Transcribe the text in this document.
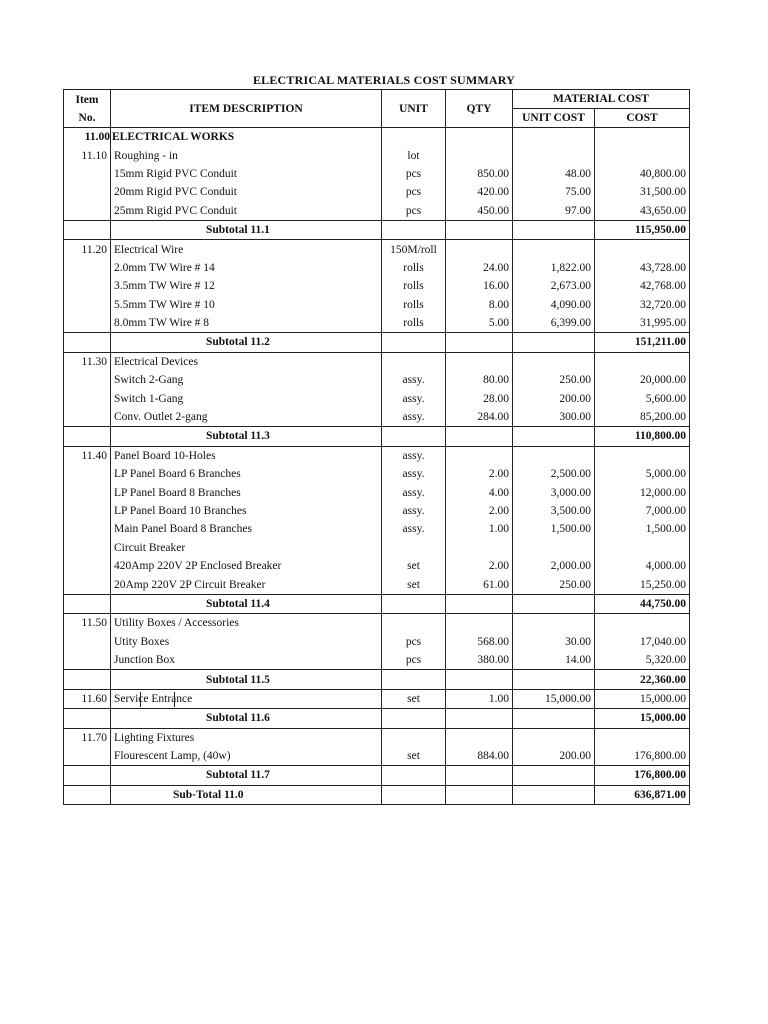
ELECTRICAL MATERIALS COST SUMMARY
Item
No.	ITEM DESCRIPTION	UNIT	QTY	MATERIAL COST	
				UNIT COST	COST
11.00	ELECTRICAL WORKS				
11.10	Roughing - in	lot			
	15mm Rigid PVC Conduit	pcs	850.00	48.00	40,800.00
	20mm Rigid PVC Conduit	pcs	420.00	75.00	31,500.00
	25mm Rigid PVC Conduit	pcs	450.00	97.00	43,650.00
	Subtotal 11.1				115,950.00
11.20	Electrical Wire	150M/roll			
	2.0mm TW Wire # 14	rolls	24.00	1,822.00	43,728.00
	3.5mm TW Wire # 12	rolls	16.00	2,673.00	42,768.00
	5.5mm TW Wire # 10	rolls	8.00	4,090.00	32,720.00
	8.0mm TW Wire # 8	rolls	5.00	6,399.00	31,995.00
	Subtotal 11.2				151,211.00
11.30	Electrical Devices				
	Switch 2-Gang	assy.	80.00	250.00	20,000.00
	Switch 1-Gang	assy.	28.00	200.00	5,600.00
	Conv. Outlet 2-gang	assy.	284.00	300.00	85,200.00
	Subtotal 11.3				110,800.00
11.40	Panel Board 10-Holes	assy.			
	LP Panel Board 6 Branches	assy.	2.00	2,500.00	5,000.00
	LP Panel Board 8 Branches	assy.	4.00	3,000.00	12,000.00
	LP Panel Board 10 Branches	assy.	2.00	3,500.00	7,000.00
	Main Panel Board 8 Branches	assy.	1.00	1,500.00	1,500.00
	Circuit Breaker				
	420Amp 220V 2P Enclosed Breaker	set	2.00	2,000.00	4,000.00
	20Amp 220V 2P Circuit Breaker	set	61.00	250.00	15,250.00
	Subtotal 11.4				44,750.00
11.50	Utility Boxes / Accessories				
	Utity Boxes	pcs	568.00	30.00	17,040.00
	Junction Box	pcs	380.00	14.00	5,320.00
	Subtotal 11.5				22,360.00
11.60	Service Entrance	set	1.00	15,000.00	15,000.00
	Subtotal 11.6				15,000.00
11.70	Lighting Fixtures				
	Flourescent Lamp, (40w)	set	884.00	200.00	176,800.00
	Subtotal 11.7				176,800.00
	Sub-Total 11.0				636,871.00
